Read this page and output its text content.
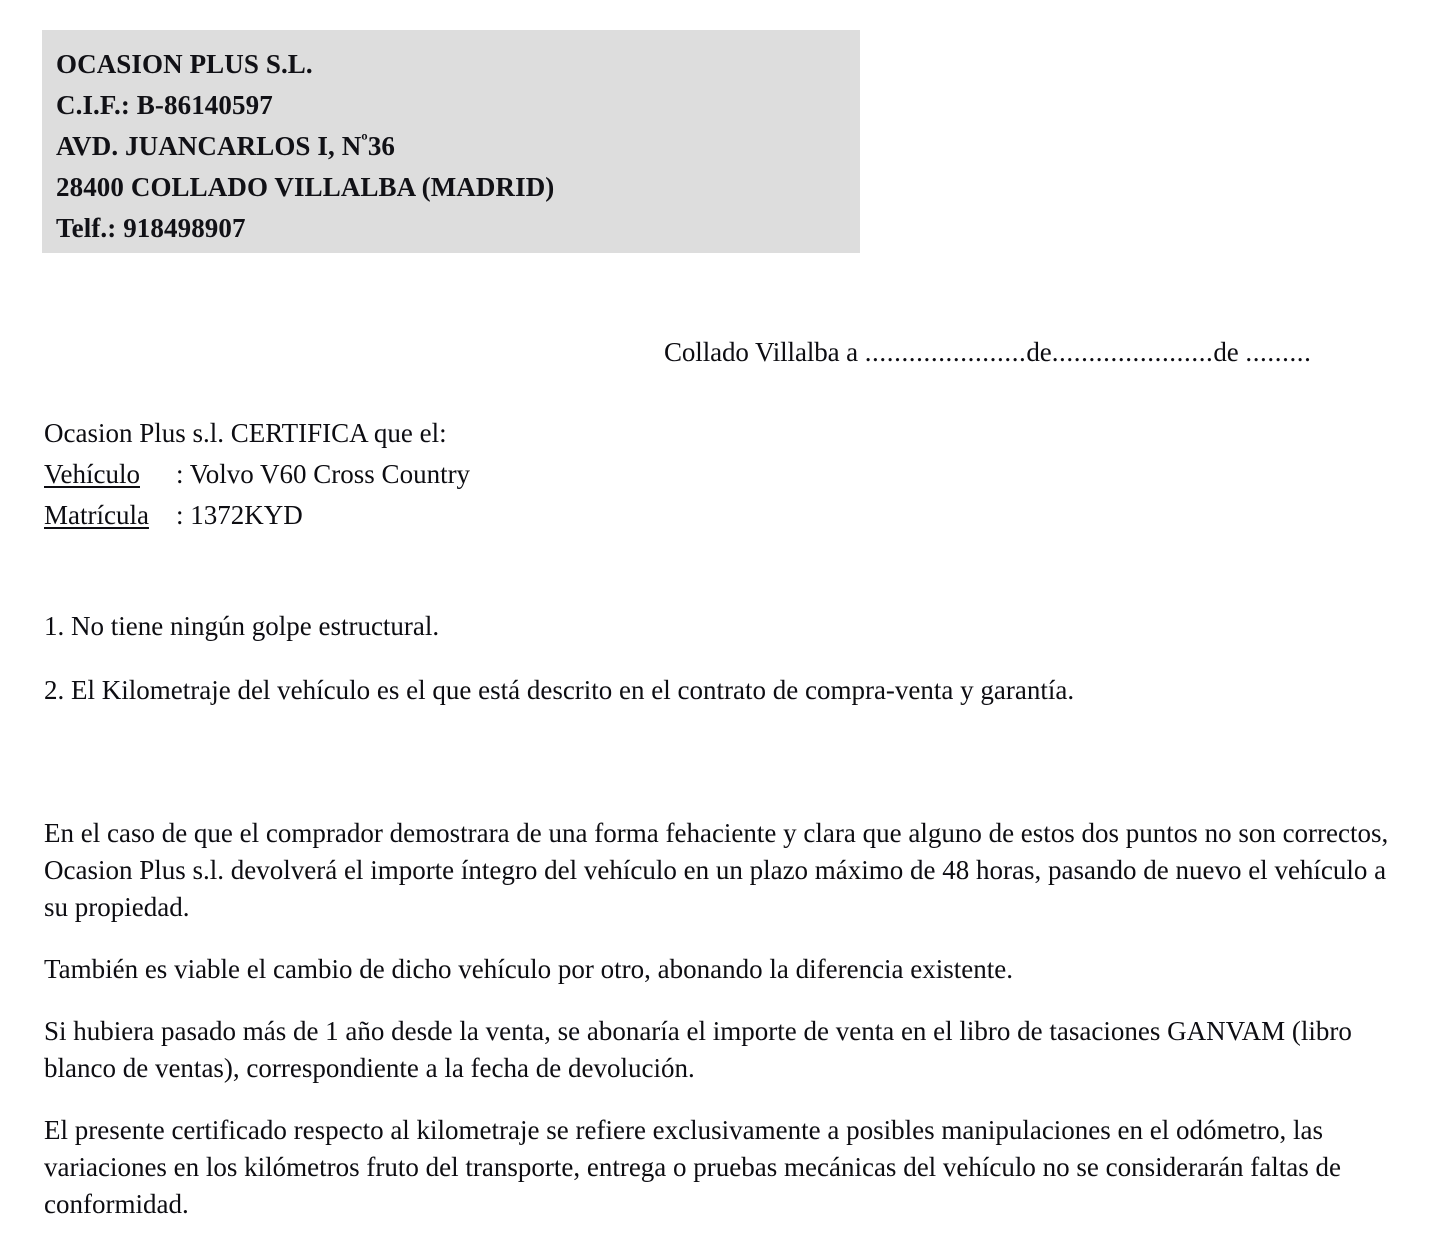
OCASION PLUS S.L.
C.I.F.: B-86140597
AVD. JUANCARLOS I, $N^º36$
28400 COLLADO VILLALBA (MADRID)
Telf.: 918498907
Collado Villalba a ......................de......................de .........
Ocasion Plus s.l. CERTIFICA que el:
Vehículo: Volvo V60 Cross Country
Matrícula: 1372KYD

1. No tiene ningún golpe estructural.

2. El Kilometraje del vehículo es el que está descrito en el contrato de compra-venta y garantía.

En el caso de que el comprador demostrara de una forma fehaciente y clara que alguno de estos dos puntos no son correctos, Ocasion Plus s.l. devolverá el importe íntegro del vehículo en un plazo máximo de 48 horas, pasando de nuevo el vehículo a su propiedad.

También es viable el cambio de dicho vehículo por otro, abonando la diferencia existente.

Si hubiera pasado más de 1 año desde la venta, se abonaría el importe de venta en el libro de tasaciones GANVAM (libro blanco de ventas), correspondiente a la fecha de devolución.

El presente certificado respecto al kilometraje se refiere exclusivamente a posibles manipulaciones en el odómetro, las variaciones en los kilómetros fruto del transporte, entrega o pruebas mecánicas del vehículo no se considerarán faltas de conformidad.
